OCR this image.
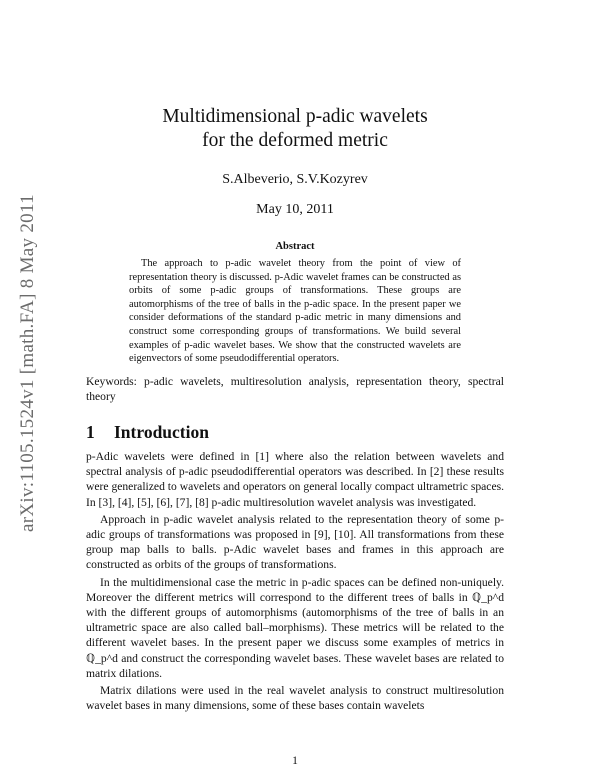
arXiv:1105.1524v1 [math.FA] 8 May 2011
Multidimensional p-adic wavelets
for the deformed metric
S.Albeverio, S.V.Kozyrev
May 10, 2011
Abstract

The approach to p-adic wavelet theory from the point of view of representation theory is discussed. p-Adic wavelet frames can be constructed as orbits of some p-adic groups of transformations. These groups are automorphisms of the tree of balls in the p-adic space. In the present paper we consider deformations of the standard p-adic metric in many dimensions and construct some corresponding groups of transformations. We build several examples of p-adic wavelet bases. We show that the constructed wavelets are eigenvectors of some pseudodifferential operators.

Keywords: p-adic wavelets, multiresolution analysis, representation theory, spectral theory
1 Introduction

p-Adic wavelets were defined in [1] where also the relation between wavelets and spectral analysis of p-adic pseudodifferential operators was described. In [2] these results were generalized to wavelets and operators on general locally compact ultrametric spaces. In [3], [4], [5], [6], [7], [8] p-adic multiresolution wavelet analysis was investigated.

Approach in p-adic wavelet analysis related to the representation theory of some p-adic groups of transformations was proposed in [9], [10]. All transformations from these group map balls to balls. p-Adic wavelet bases and frames in this approach are constructed as orbits of the groups of transformations.

In the multidimensional case the metric in p-adic spaces can be defined non-uniquely. Moreover the different metrics will correspond to the different trees of balls in ℚ_p^d with the different groups of automorphisms (automorphisms of the tree of balls in an ultrametric space are also called ball–morphisms). These metrics will be related to the different wavelet bases. In the present paper we discuss some examples of metrics in ℚ_p^d and construct the corresponding wavelet bases. These wavelet bases are related to matrix dilations.

Matrix dilations were used in the real wavelet analysis to construct multiresolution wavelet bases in many dimensions, some of these bases contain wavelets

1
